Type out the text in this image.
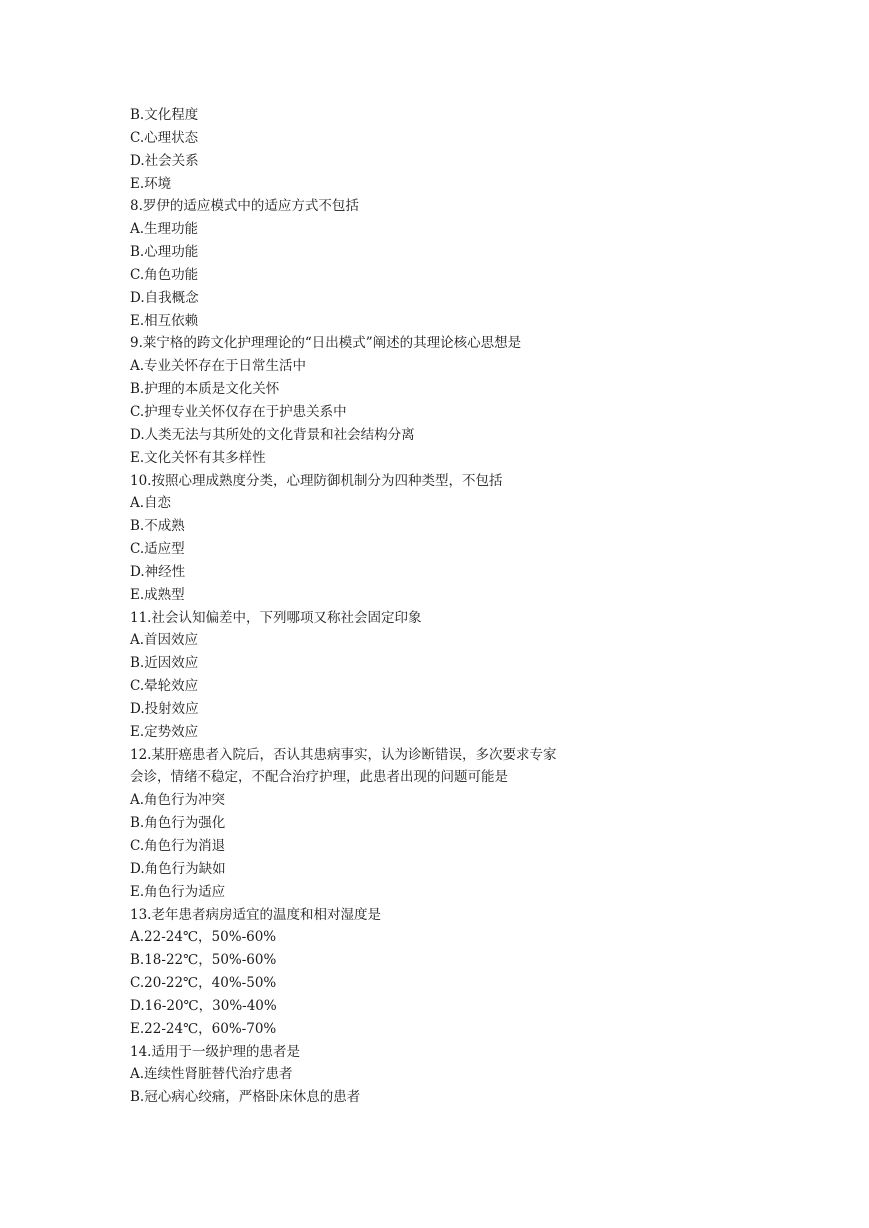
B.文化程度
C.心理状态
D.社会关系
E.环境
8.罗伊的适应模式中的适应方式不包括
A.生理功能
B.心理功能
C.角色功能
D.自我概念
E.相互依赖
9.莱宁格的跨文化护理理论的“日出模式”阐述的其理论核心思想是
A.专业关怀存在于日常生活中
B.护理的本质是文化关怀
C.护理专业关怀仅存在于护患关系中
D.人类无法与其所处的文化背景和社会结构分离
E.文化关怀有其多样性
10.按照心理成熟度分类，心理防御机制分为四种类型，不包括
A.自恋
B.不成熟
C.适应型
D.神经性
E.成熟型
11.社会认知偏差中，下列哪项又称社会固定印象
A.首因效应
B.近因效应
C.晕轮效应
D.投射效应
E.定势效应
12.某肝癌患者入院后，否认其患病事实，认为诊断错误，多次要求专家
会诊，情绪不稳定，不配合治疗护理，此患者出现的问题可能是
A.角色行为冲突
B.角色行为强化
C.角色行为消退
D.角色行为缺如
E.角色行为适应
13.老年患者病房适宜的温度和相对湿度是
A.22-24℃，50%-60%
B.18-22℃，50%-60%
C.20-22℃，40%-50%
D.16-20℃，30%-40%
E.22-24℃，60%-70%
14.适用于一级护理的患者是
A.连续性肾脏替代治疗患者
B.冠心病心绞痛，严格卧床休息的患者
